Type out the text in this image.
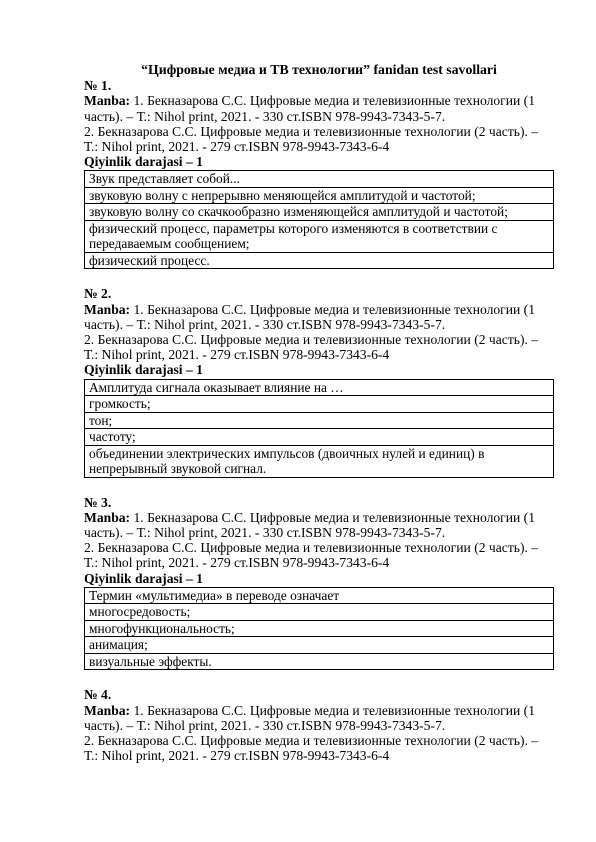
“Цифровые медиа и ТВ технологии” fanidan test savollari
№ 1.
Manba: 1. Бекназарова С.С. Цифровые медиа и телевизионные технологии (1 часть). – Т.: Nihol print, 2021. - 330 ст.ISBN 978-9943-7343-5-7.
2. Бекназарова С.С. Цифровые медиа и телевизионные технологии (2 часть). – Т.: Nihol print, 2021. - 279 ст.ISBN 978-9943-7343-6-4
Qiyinlik darajasi – 1
Звук представляет собой...
звуковую волну с непрерывно меняющейся амплитудой и частотой;
звуковую волну со скачкообразно изменяющейся амплитудой и частотой;
физический процесс, параметры которого изменяются в соответствии с передаваемым сообщением;
физический процесс.
№ 2.
Manba: 1. Бекназарова С.С. Цифровые медиа и телевизионные технологии (1 часть). – Т.: Nihol print, 2021. - 330 ст.ISBN 978-9943-7343-5-7.
2. Бекназарова С.С. Цифровые медиа и телевизионные технологии (2 часть). – Т.: Nihol print, 2021. - 279 ст.ISBN 978-9943-7343-6-4
Qiyinlik darajasi – 1
Амплитуда сигнала оказывает влияние на …
громкость;
тон;
частоту;
объединении электрических импульсов (двоичных нулей и единиц) в непрерывный звуковой сигнал.
№ 3.
Manba: 1. Бекназарова С.С. Цифровые медиа и телевизионные технологии (1 часть). – Т.: Nihol print, 2021. - 330 ст.ISBN 978-9943-7343-5-7.
2. Бекназарова С.С. Цифровые медиа и телевизионные технологии (2 часть). – Т.: Nihol print, 2021. - 279 ст.ISBN 978-9943-7343-6-4
Qiyinlik darajasi – 1
Термин «мультимедиа» в переводе означает
многосредовость;
многофункциональность;
анимация;
визуальные эффекты.
№ 4.
Manba: 1. Бекназарова С.С. Цифровые медиа и телевизионные технологии (1 часть). – Т.: Nihol print, 2021. - 330 ст.ISBN 978-9943-7343-5-7.
2. Бекназарова С.С. Цифровые медиа и телевизионные технологии (2 часть). – Т.: Nihol print, 2021. - 279 ст.ISBN 978-9943-7343-6-4
